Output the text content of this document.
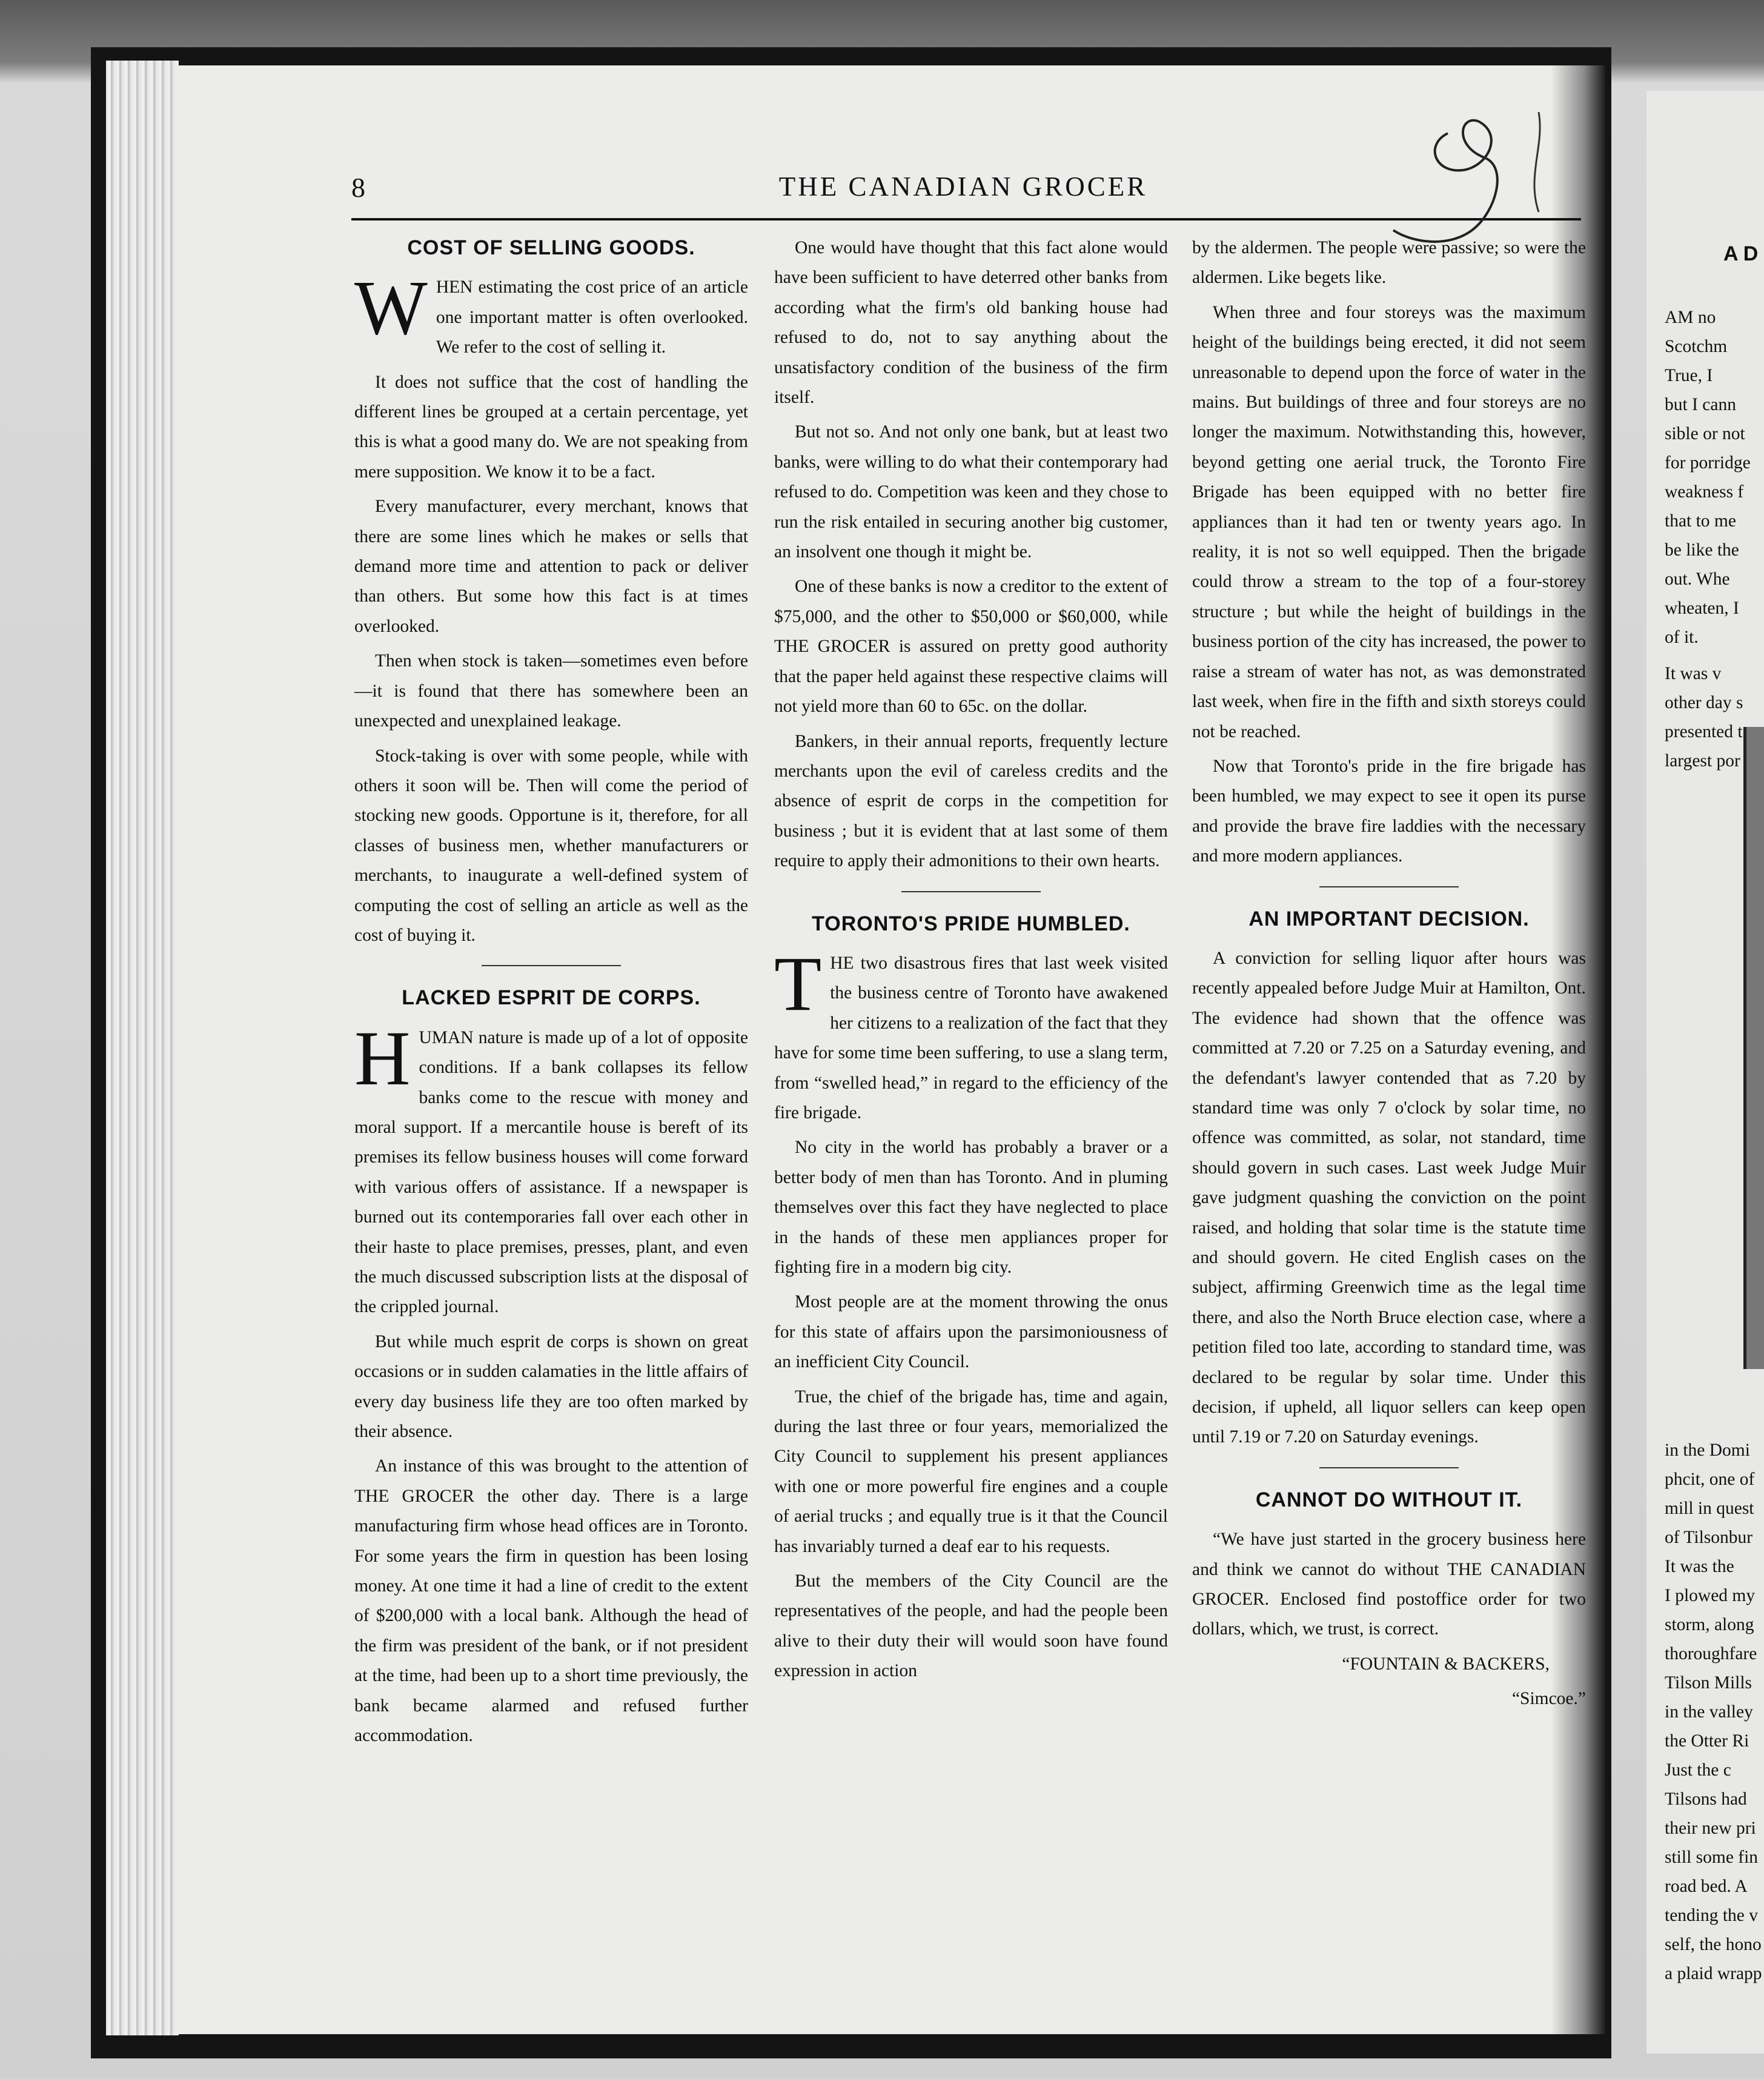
8	THE CANADIAN GROCER
COST OF SELLING GOODS.

WHEN estimating the cost price of an article one important matter is often overlooked. We refer to the cost of selling it.

It does not suffice that the cost of handling the different lines be grouped at a certain percentage, yet this is what a good many do. We are not speaking from mere supposition. We know it to be a fact.

Every manufacturer, every merchant, knows that there are some lines which he makes or sells that demand more time and attention to pack or deliver than others. But some how this fact is at times overlooked.

Then when stock is taken—sometimes even before—it is found that there has somewhere been an unexpected and unexplained leakage.

Stock-taking is over with some people, while with others it soon will be. Then will come the period of stocking new goods. Opportune is it, therefore, for all classes of business men, whether manufacturers or merchants, to inaugurate a well-defined system of computing the cost of selling an article as well as the cost of buying it.

LACKED ESPRIT DE CORPS.

HUMAN nature is made up of a lot of opposite conditions. If a bank collapses its fellow banks come to the rescue with money and moral support. If a mercantile house is bereft of its premises its fellow business houses will come forward with various offers of assistance. If a newspaper is burned out its contemporaries fall over each other in their haste to place premises, presses, plant, and even the much discussed subscription lists at the disposal of the crippled journal.

But while much esprit de corps is shown on great occasions or in sudden calamaties in the little affairs of every day business life they are too often marked by their absence.

An instance of this was brought to the attention of THE GROCER the other day. There is a large manufacturing firm whose head offices are in Toronto. For some years the firm in question has been losing money. At one time it had a line of credit to the extent of $200,000 with a local bank. Although the head of the firm was president of the bank, or if not president at the time, had been up to a short time previously, the bank became alarmed and refused further accommodation.

One would have thought that this fact alone would have been sufficient to have deterred other banks from according what the firm's old banking house had refused to do, not to say anything about the unsatisfactory condition of the business of the firm itself.

But not so. And not only one bank, but at least two banks, were willing to do what their contemporary had refused to do. Competition was keen and they chose to run the risk entailed in securing another big customer, an insolvent one though it might be.

One of these banks is now a creditor to the extent of $75,000, and the other to $50,000 or $60,000, while THE GROCER is assured on pretty good authority that the paper held against these respective claims will not yield more than 60 to 65c. on the dollar.

Bankers, in their annual reports, frequently lecture merchants upon the evil of careless credits and the absence of esprit de corps in the competition for business ; but it is evident that at last some of them require to apply their admonitions to their own hearts.

TORONTO'S PRIDE HUMBLED.

THE two disastrous fires that last week visited the business centre of Toronto have awakened her citizens to a realization of the fact that they have for some time been suffering, to use a slang term, from “swelled head,” in regard to the efficiency of the fire brigade.

No city in the world has probably a braver or a better body of men than has Toronto. And in pluming themselves over this fact they have neglected to place in the hands of these men appliances proper for fighting fire in a modern big city.

Most people are at the moment throwing the onus for this state of affairs upon the parsimoniousness of an inefficient City Council.

True, the chief of the brigade has, time and again, during the last three or four years, memorialized the City Council to supplement his present appliances with one or more powerful fire engines and a couple of aerial trucks ; and equally true is it that the Council has invariably turned a deaf ear to his requests.

But the members of the City Council are the representatives of the people, and had the people been alive to their duty their will would soon have found expression in action

by the aldermen. The people were passive; so were the aldermen. Like begets like.

When three and four storeys was the maximum height of the buildings being erected, it did not seem unreasonable to depend upon the force of water in the mains. But buildings of three and four storeys are no longer the maximum. Notwithstanding this, however, beyond getting one aerial truck, the Toronto Fire Brigade has been equipped with no better fire appliances than it had ten or twenty years ago. In reality, it is not so well equipped. Then the brigade could throw a stream to the top of a four-storey structure ; but while the height of buildings in the business portion of the city has increased, the power to raise a stream of water has not, as was demonstrated last week, when fire in the fifth and sixth storeys could not be reached.

Now that Toronto's pride in the fire brigade has been humbled, we may expect to see it open its purse and provide the brave fire laddies with the necessary and more modern appliances.

AN IMPORTANT DECISION.

A conviction for selling liquor after hours was recently appealed before Judge Muir at Hamilton, Ont. The evidence had shown that the offence was committed at 7.20 or 7.25 on a Saturday evening, and the defendant's lawyer contended that as 7.20 by standard time was only 7 o'clock by solar time, no offence was committed, as solar, not standard, time should govern in such cases. Last week Judge Muir gave judgment quashing the conviction on the point raised, and holding that solar time is the statute time and should govern. He cited English cases on the subject, affirming Greenwich time as the legal time there, and also the North Bruce election case, where a petition filed too late, according to standard time, was declared to be regular by solar time. Under this decision, if upheld, all liquor sellers can keep open until 7.19 or 7.20 on Saturday evenings.

CANNOT DO WITHOUT IT.

“We have just started in the grocery business here and think we cannot do without THE CANADIAN GROCER. Enclosed find postoffice order for two dollars, which, we trust, is correct.

“FOUNTAIN & BACKERS,

“Simcoe.”

A D
AM no
Scotchm
True, I
but I cann
sible or not
for porridge
weakness f
that to me
be like the
out. Whe
wheaten, I
of it.
It was v
other day s
presented t
largest por
in the Domi
phcit, one of
mill in quest
of Tilsonbur
It was the
I plowed my
storm, along
thoroughfare
Tilson Mills
in the valley
the Otter Ri
Just the c
Tilsons had
their new pri
still some fin
road bed. A
tending the v
self, the hono
a plaid wrapp
